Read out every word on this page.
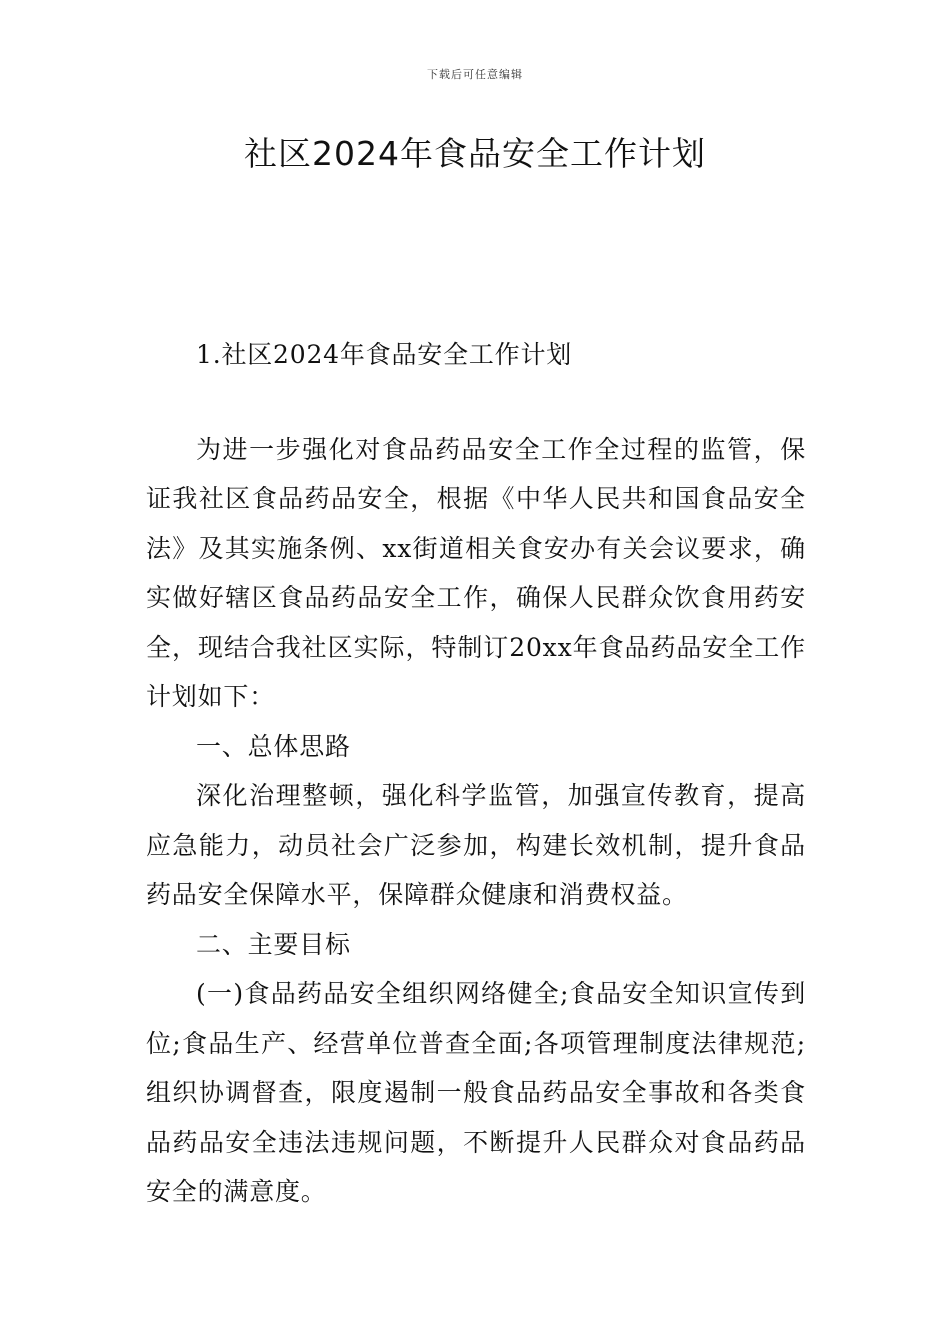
下载后可任意编辑
社区2024年食品安全工作计划

1.社区2024年食品安全工作计划

为进一步强化对食品药品安全工作全过程的监管，保证我社区食品药品安全，根据《中华人民共和国食品安全法》及其实施条例、xx街道相关食安办有关会议要求，确实做好辖区食品药品安全工作，确保人民群众饮食用药安全，现结合我社区实际，特制订20xx年食品药品安全工作计划如下：

一、总体思路

深化治理整顿，强化科学监管，加强宣传教育，提高应急能力，动员社会广泛参加，构建长效机制，提升食品药品安全保障水平，保障群众健康和消费权益。

二、主要目标

(一)食品药品安全组织网络健全;食品安全知识宣传到位;食品生产、经营单位普查全面;各项管理制度法律规范;组织协调督查，限度遏制一般食品药品安全事故和各类食品药品安全违法违规问题，不断提升人民群众对食品药品安全的满意度。
